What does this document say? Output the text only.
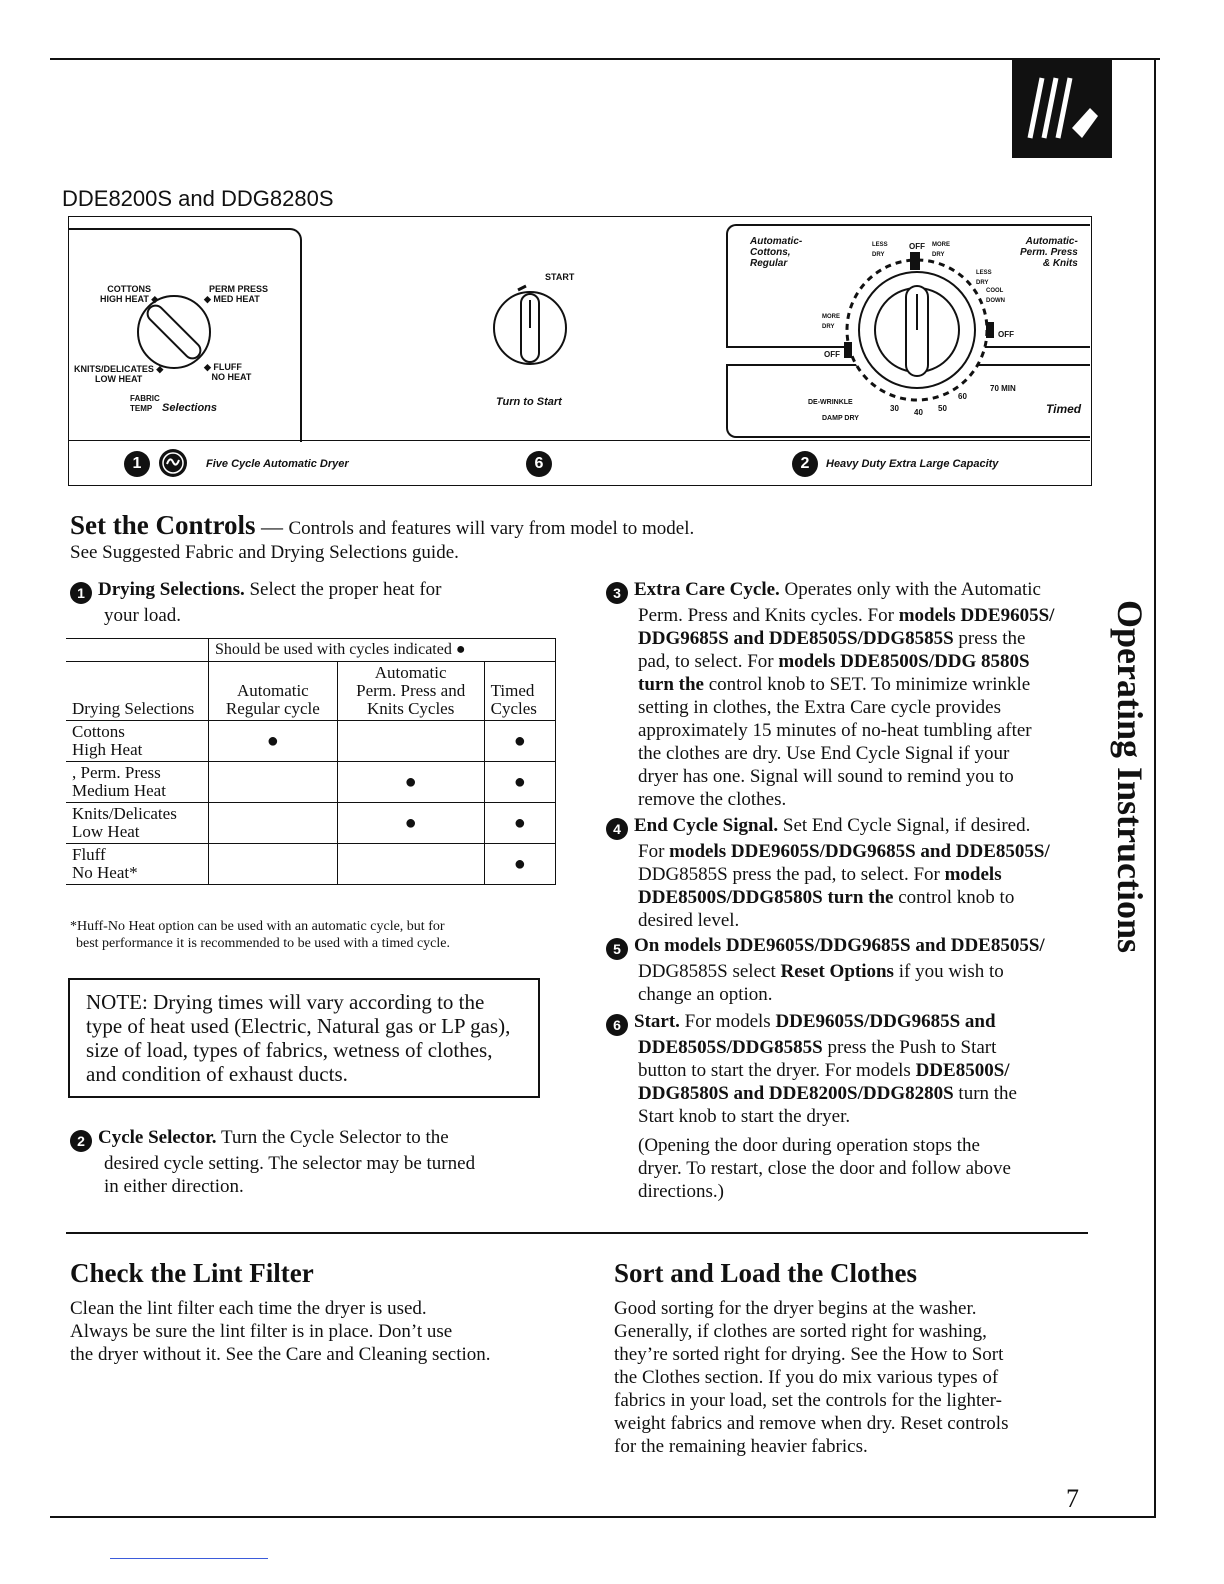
DDE8200S and DDG8280S
COTTONS
HIGH HEAT ◆
PERM PRESS
◆ MED HEAT
KNITS/DELICATES ◆
LOW HEAT
◆ FLUFF
NO HEAT
FABRIC TEMP Selections
START
Turn to Start
Automatic-
Cottons,
Regular
Automatic-
Perm. Press
& Knits
LESS DRY
OFF MORE DRY
LESS DRY
COOL DOWN
MORE DRY
OFF
OFF
70 MIN
DE-WRINKLE
DAMP DRY
30 40 50
60
Timed
1	Five Cycle Automatic Dryer	6	2	Heavy Duty Extra Large Capacity
Set the Controls — Controls and features will vary from model to model.
See Suggested Fabric and Drying Selections guide.
1 Drying Selections. Select the proper heat for
your load.
	Should be used with cycles indicated ●		
Drying Selections	Automatic
Regular cycle	Automatic
Perm. Press and
Knits Cycles	Timed
Cycles
Cottons
High Heat	●		●
, Perm. Press
Medium Heat		●	●
Knits/Delicates
Low Heat		●	●
Fluff
No Heat*			●
*Huff-No Heat option can be used with an automatic cycle, but for
best performance it is recommended to be used with a timed cycle.
NOTE: Drying times will vary according to the type of heat used (Electric, Natural gas or LP gas), size of load, types of fabrics, wetness of clothes, and condition of exhaust ducts.
2 Cycle Selector. Turn the Cycle Selector to the
desired cycle setting. The selector may be turned
in either direction.
3 Extra Care Cycle. Operates only with the Automatic

Perm. Press and Knits cycles. For models DDE9605S/
DDG9685S and DDE8505S/DDG8585S press the
pad, to select. For models DDE8500S/DDG 8580S
turn the control knob to SET. To minimize wrinkle
setting in clothes, the Extra Care cycle provides
approximately 15 minutes of no-heat tumbling after
the clothes are dry. Use End Cycle Signal if your
dryer has one. Signal will sound to remind you to
remove the clothes.
4 End Cycle Signal. Set End Cycle Signal, if desired.

For models DDE9605S/DDG9685S and DDE8505S/
DDG8585S press the pad, to select. For models
DDE8500S/DDG8580S turn the control knob to
desired level.
5 On models DDE9605S/DDG9685S and DDE8505S/

DDG8585S select Reset Options if you wish to
change an option.
6 Start. For models DDE9605S/DDG9685S and

DDE8505S/DDG8585S press the Push to Start
button to start the dryer. For models DDE8500S/
DDG8580S and DDE8200S/DDG8280S turn the
Start knob to start the dryer.
(Opening the door during operation stops the
dryer. To restart, close the door and follow above
directions.)
Check the Lint Filter
Clean the lint filter each time the dryer is used.
Always be sure the lint filter is in place. Don’t use
the dryer without it. See the Care and Cleaning section.
Sort and Load the Clothes
Good sorting for the dryer begins at the washer.
Generally, if clothes are sorted right for washing,
they’re sorted right for drying. See the How to Sort
the Clothes section. If you do mix various types of
fabrics in your load, set the controls for the lighter-
weight fabrics and remove when dry. Reset controls
for the remaining heavier fabrics.
Operating Instructions
7
